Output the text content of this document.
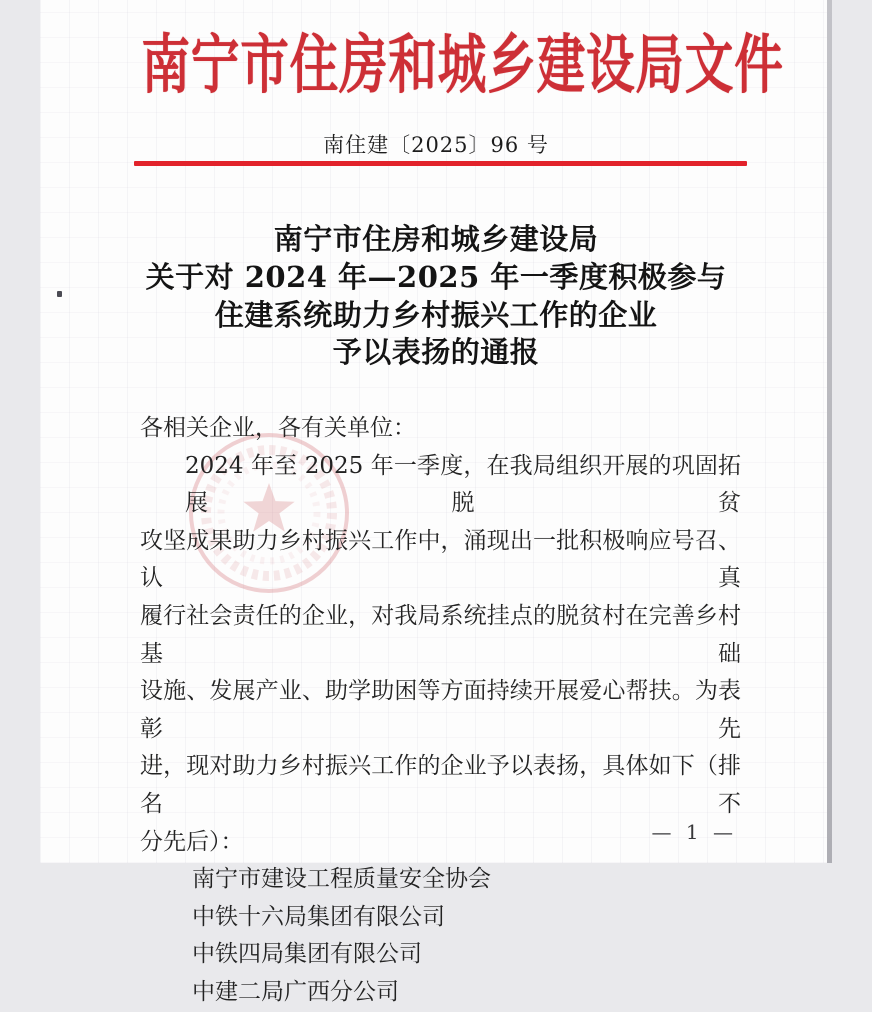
南宁市住房和城乡建设局文件
南住建〔2025〕96 号
南宁市住房和城乡建设局
关于对 2024 年—2025 年一季度积极参与
住建系统助力乡村振兴工作的企业
予以表扬的通报
各相关企业，各有关单位：
2024 年至 2025 年一季度，在我局组织开展的巩固拓展脱贫
攻坚成果助力乡村振兴工作中，涌现出一批积极响应号召、认真
履行社会责任的企业，对我局系统挂点的脱贫村在完善乡村基础
设施、发展产业、助学助困等方面持续开展爱心帮扶。为表彰先
进，现对助力乡村振兴工作的企业予以表扬，具体如下（排名不
分先后）：
南宁市建设工程质量安全协会
中铁十六局集团有限公司
中铁四局集团有限公司
中建二局广西分公司
— 1 —
